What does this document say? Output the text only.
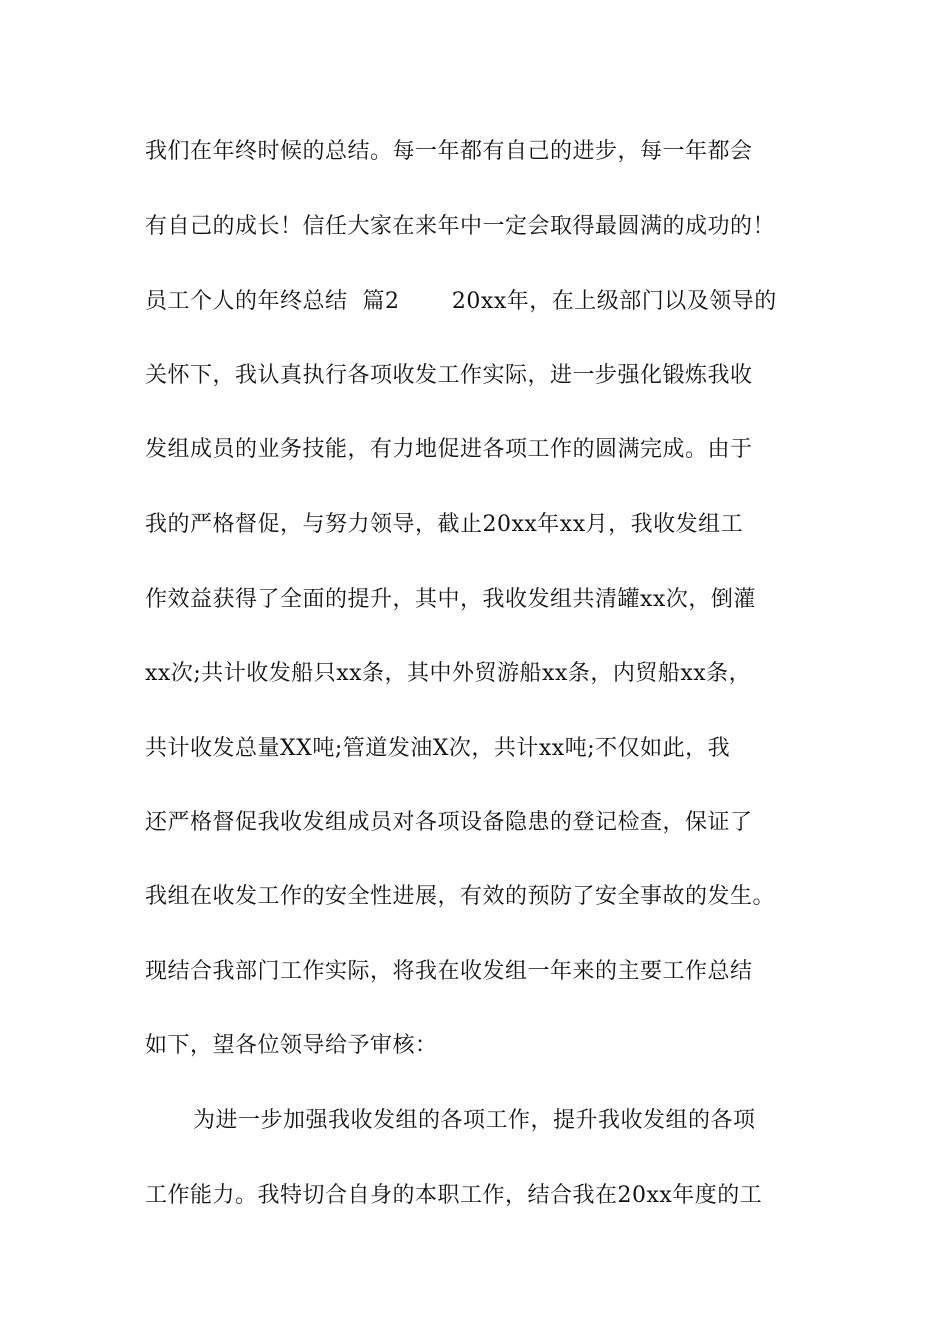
我们在年终时候的总结。每一年都有自己的进步，每一年都会
有自己的成长！信任大家在来年中一定会取得最圆满的成功的！
员工个人的年终总结  篇2       20xx年，在上级部门以及领导的
关怀下，我认真执行各项收发工作实际，进一步强化锻炼我收
发组成员的业务技能，有力地促进各项工作的圆满完成。由于
我的严格督促，与努力领导，截止20xx年xx月，我收发组工
作效益获得了全面的提升，其中，我收发组共清罐xx次，倒灌
xx次;共计收发船只xx条，其中外贸游船xx条，内贸船xx条，
共计收发总量XX吨;管道发油X次，共计xx吨;不仅如此，我
还严格督促我收发组成员对各项设备隐患的登记检查，保证了
我组在收发工作的安全性进展，有效的预防了安全事故的发生。
现结合我部门工作实际，将我在收发组一年来的主要工作总结
如下，望各位领导给予审核：
为进一步加强我收发组的各项工作，提升我收发组的各项
工作能力。我特切合自身的本职工作，结合我在20xx年度的工
